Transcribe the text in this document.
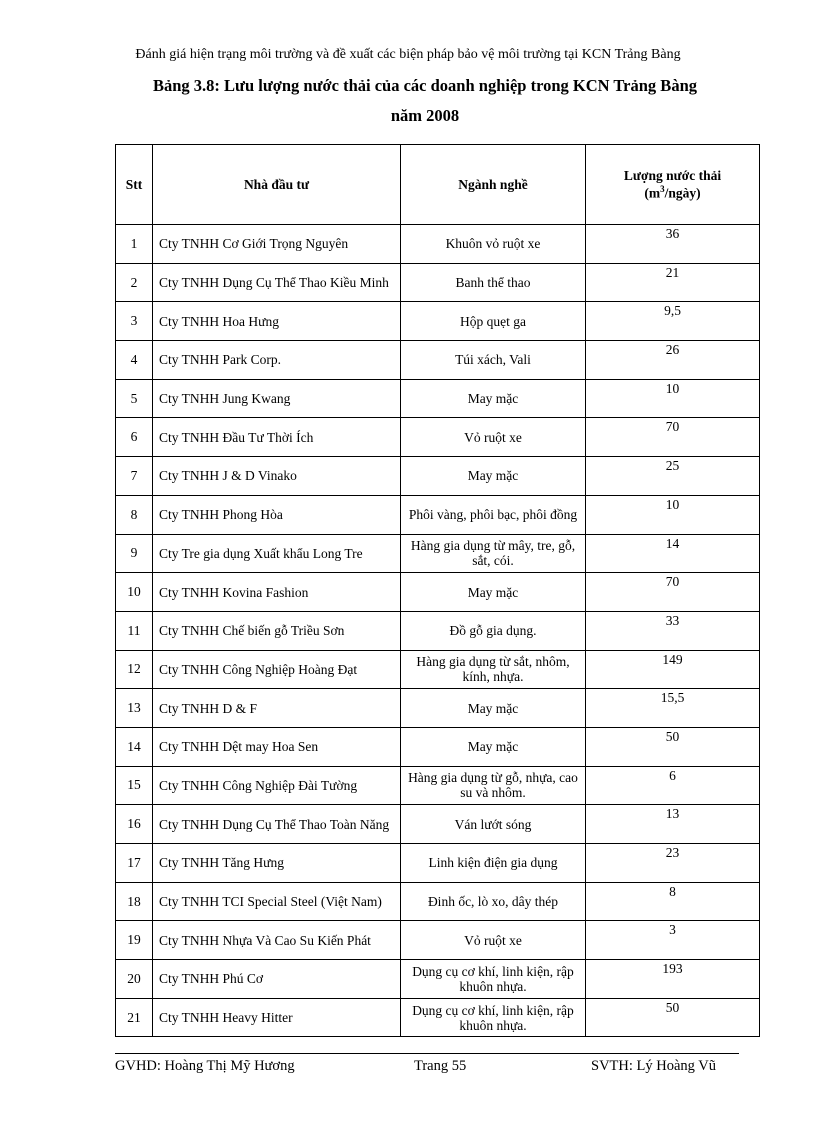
Đánh giá hiện trạng môi trường và đề xuất các biện pháp bảo vệ môi trường tại KCN Trảng Bàng
Bảng 3.8: Lưu lượng nước thải của các doanh nghiệp trong KCN Trảng Bàng
năm 2008
Stt	Nhà đầu tư	Ngành nghề	Lượng nước thải
$(m^3/ngày)$

1	Cty TNHH Cơ Giới Trọng Nguyên	Khuôn vỏ ruột xe	36
2	Cty TNHH Dụng Cụ Thể Thao Kiều Minh	Banh thể thao	21
3	Cty TNHH Hoa Hưng	Hộp quẹt ga	9,5
4	Cty TNHH Park Corp.	Túi xách, Vali	26
5	Cty TNHH Jung Kwang	May mặc	10
6	Cty TNHH Đầu Tư Thời Ích	Vỏ ruột xe	70
7	Cty TNHH J & D Vinako	May mặc	25
8	Cty TNHH Phong Hòa	Phôi vàng, phôi bạc, phôi đồng	10
9	Cty Tre gia dụng Xuất khẩu Long Tre	Hàng gia dụng từ mây, tre, gỗ, sắt, cói.	14
10	Cty TNHH Kovina Fashion	May mặc	70
11	Cty TNHH Chế biến gỗ Triều Sơn	Đồ gỗ gia dụng.	33
12	Cty TNHH Công Nghiệp Hoàng Đạt	Hàng gia dụng từ sắt, nhôm, kính, nhựa.	149
13	Cty TNHH D & F	May mặc	15,5
14	Cty TNHH Dệt may Hoa Sen	May mặc	50
15	Cty TNHH Công Nghiệp Đài Tường	Hàng gia dụng từ gỗ, nhựa, cao su và nhôm.	6
16	Cty TNHH Dụng Cụ Thể Thao Toàn Năng	Ván lướt sóng	13
17	Cty TNHH Tăng Hưng	Linh kiện điện gia dụng	23
18	Cty TNHH TCI Special Steel (Việt Nam)	Đinh ốc, lò xo, dây thép	8
19	Cty TNHH Nhựa Và Cao Su Kiến Phát	Vỏ ruột xe	3
20	Cty TNHH Phú Cơ	Dụng cụ cơ khí, linh kiện, rập khuôn nhựa.	193
21	Cty TNHH Heavy Hitter	Dụng cụ cơ khí, linh kiện, rập khuôn nhựa.	50
GVHD: Hoàng Thị Mỹ Hương	Trang 55	SVTH: Lý Hoàng Vũ
